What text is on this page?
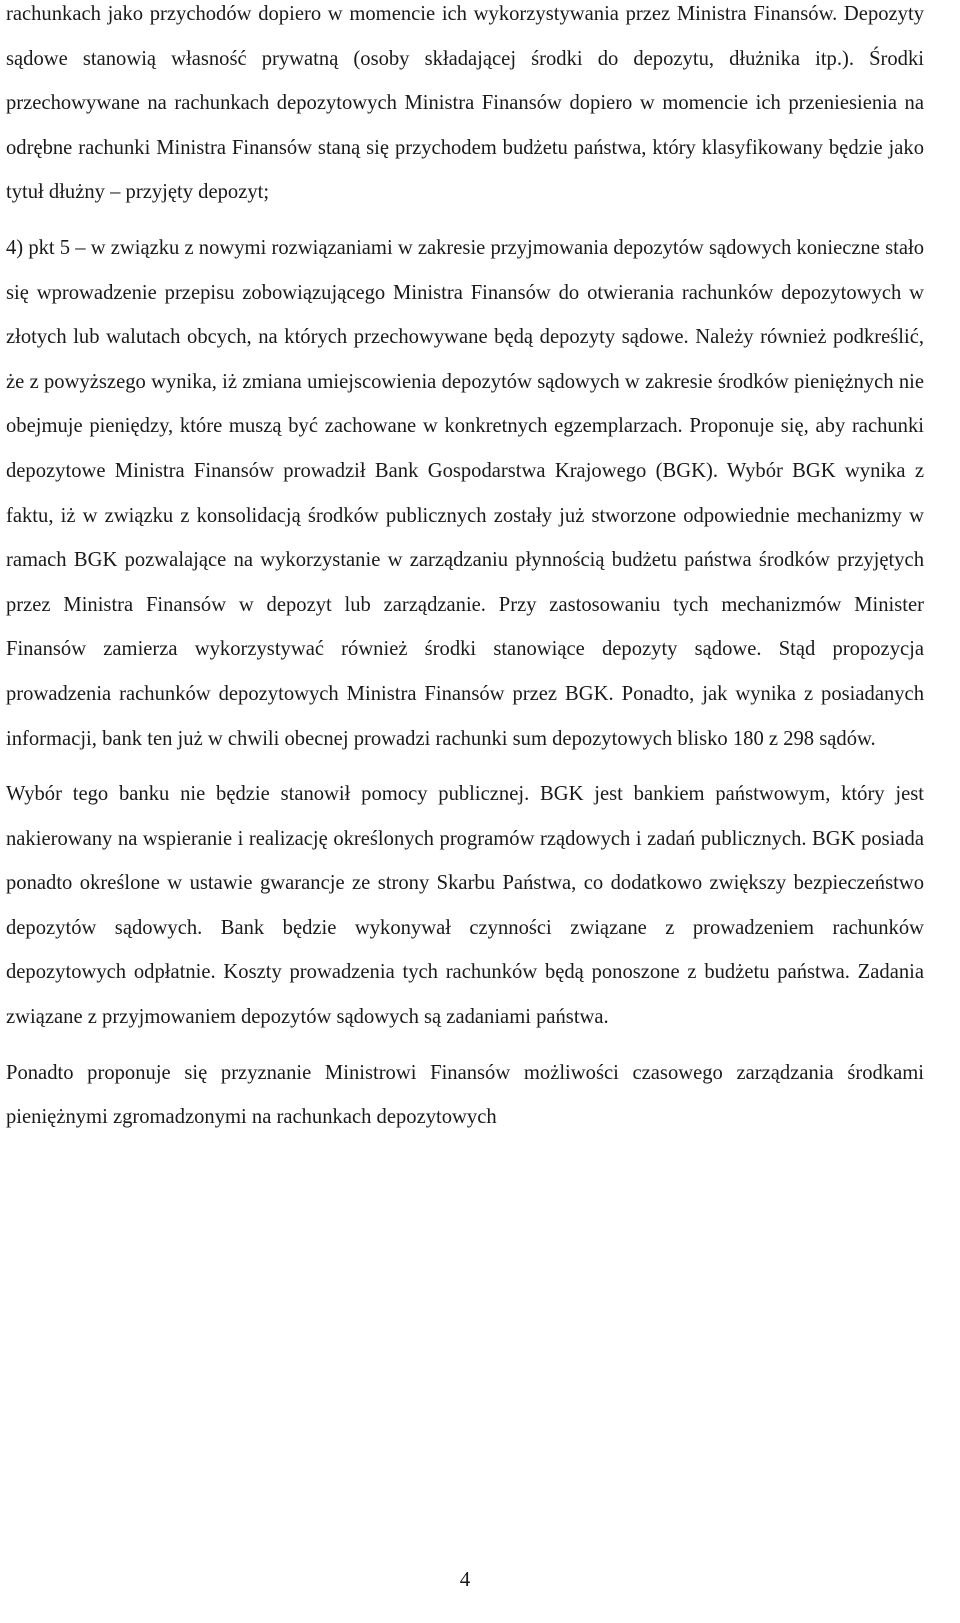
rachunkach jako przychodów dopiero w momencie ich wykorzystywania przez Ministra Finansów. Depozyty sądowe stanowią własność prywatną (osoby składającej środki do depozytu, dłużnika itp.). Środki przechowywane na rachunkach depozytowych Ministra Finansów dopiero w momencie ich przeniesienia na odrębne rachunki Ministra Finansów staną się przychodem budżetu państwa, który klasyfikowany będzie jako tytuł dłużny – przyjęty depozyt;

4) pkt 5 – w związku z nowymi rozwiązaniami w zakresie przyjmowania depozytów sądowych konieczne stało się wprowadzenie przepisu zobowiązującego Ministra Finansów do otwierania rachunków depozytowych w złotych lub walutach obcych, na których przechowywane będą depozyty sądowe. Należy również podkreślić, że z powyższego wynika, iż zmiana umiejscowienia depozytów sądowych w zakresie środków pieniężnych nie obejmuje pieniędzy, które muszą być zachowane w konkretnych egzemplarzach. Proponuje się, aby rachunki depozytowe Ministra Finansów prowadził Bank Gospodarstwa Krajowego (BGK). Wybór BGK wynika z faktu, iż w związku z konsolidacją środków publicznych zostały już stworzone odpowiednie mechanizmy w ramach BGK pozwalające na wykorzystanie w zarządzaniu płynnością budżetu państwa środków przyjętych przez Ministra Finansów w depozyt lub zarządzanie. Przy zastosowaniu tych mechanizmów Minister Finansów zamierza wykorzystywać również środki stanowiące depozyty sądowe. Stąd propozycja prowadzenia rachunków depozytowych Ministra Finansów przez BGK. Ponadto, jak wynika z posiadanych informacji, bank ten już w chwili obecnej prowadzi rachunki sum depozytowych blisko 180 z 298 sądów.

Wybór tego banku nie będzie stanowił pomocy publicznej. BGK jest bankiem państwowym, który jest nakierowany na wspieranie i realizację określonych programów rządowych i zadań publicznych. BGK posiada ponadto określone w ustawie gwarancje ze strony Skarbu Państwa, co dodatkowo zwiększy bezpieczeństwo depozytów sądowych. Bank będzie wykonywał czynności związane z prowadzeniem rachunków depozytowych odpłatnie. Koszty prowadzenia tych rachunków będą ponoszone z budżetu państwa. Zadania związane z przyjmowaniem depozytów sądowych są zadaniami państwa.

Ponadto proponuje się przyznanie Ministrowi Finansów możliwości czasowego zarządzania środkami pieniężnymi zgromadzonymi na rachunkach depozytowych

4
